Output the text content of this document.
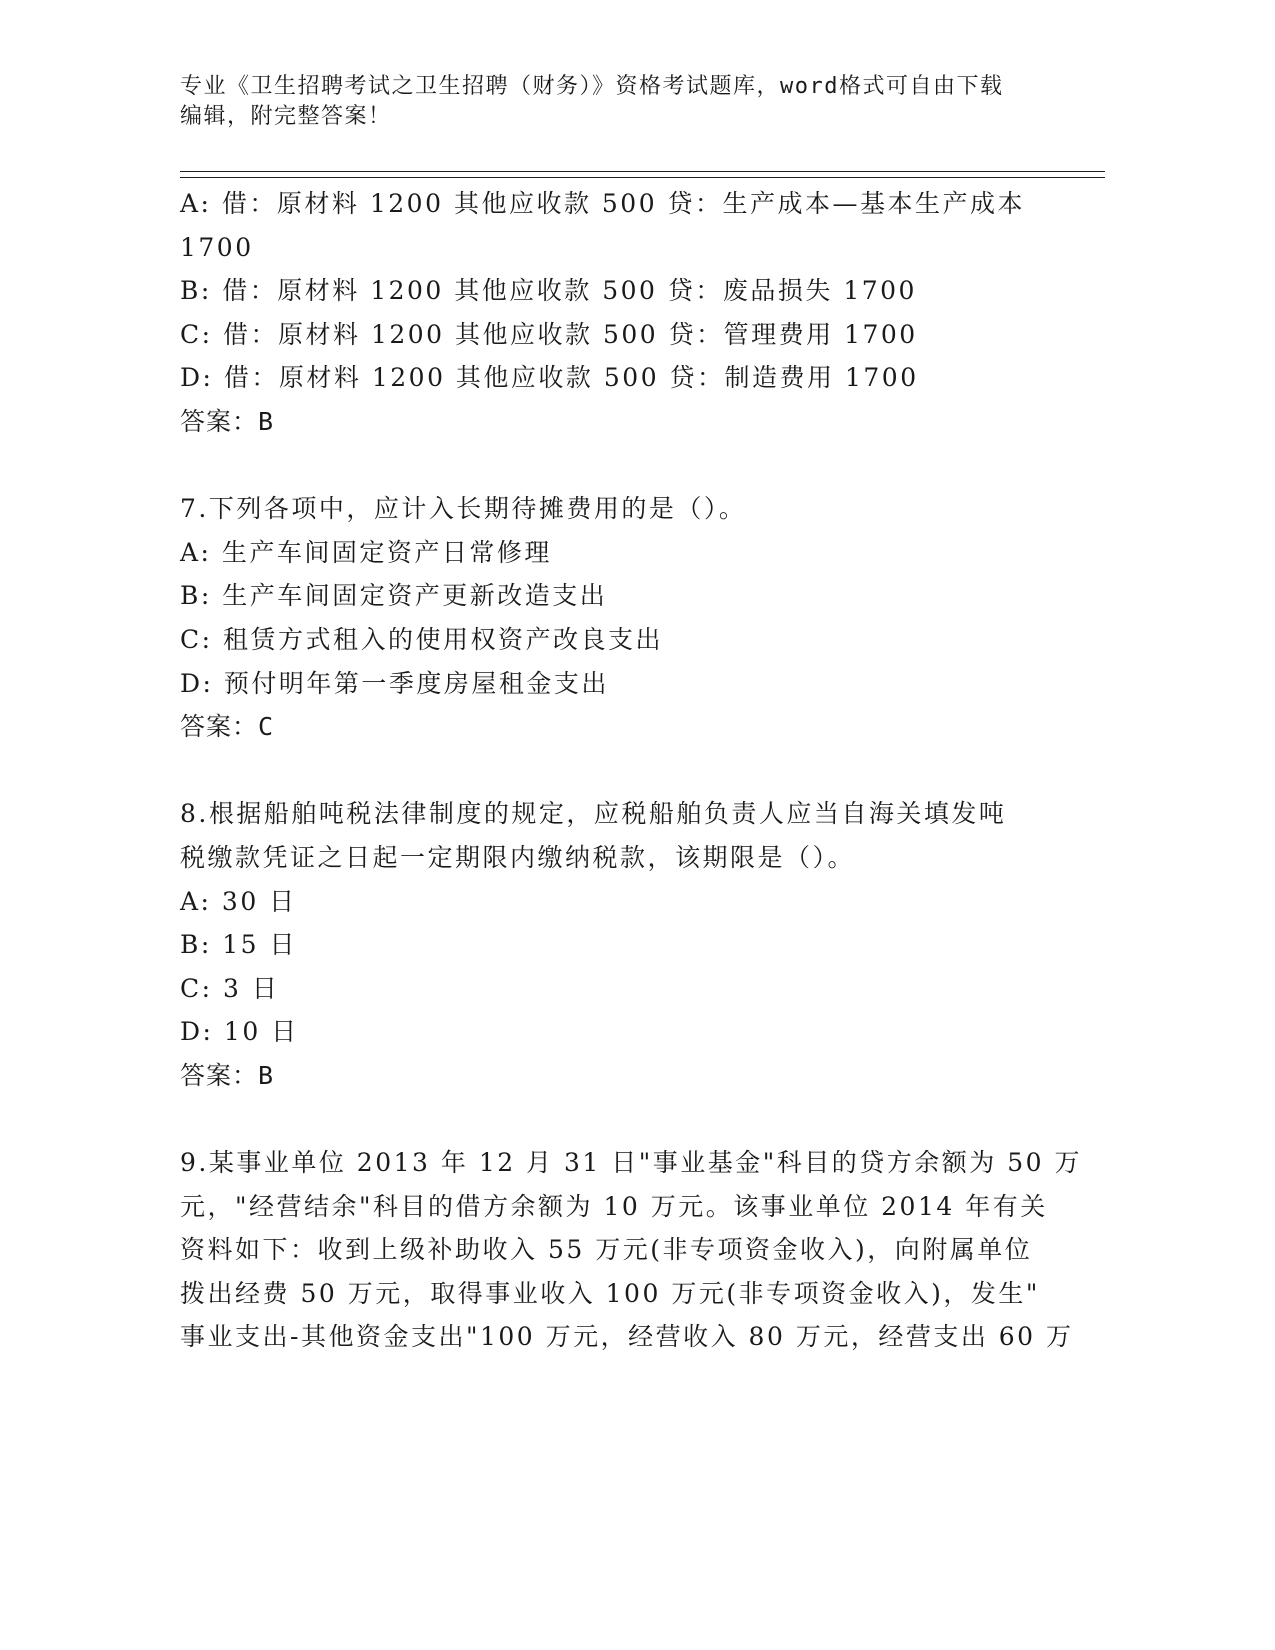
专业《卫生招聘考试之卫生招聘（财务）》资格考试题库，word格式可自由下载
编辑，附完整答案！
A: 借：原材料 1200 其他应收款 500 贷：生产成本—基本生产成本
1700
B: 借：原材料 1200 其他应收款 500 贷：废品损失 1700
C: 借：原材料 1200 其他应收款 500 贷：管理费用 1700
D: 借：原材料 1200 其他应收款 500 贷：制造费用 1700
答案：B
7.下列各项中，应计入长期待摊费用的是（）。
A: 生产车间固定资产日常修理
B: 生产车间固定资产更新改造支出
C: 租赁方式租入的使用权资产改良支出
D: 预付明年第一季度房屋租金支出
答案：C
8.根据船舶吨税法律制度的规定，应税船舶负责人应当自海关填发吨
税缴款凭证之日起一定期限内缴纳税款，该期限是（）。
A: 30 日
B: 15 日
C: 3 日
D: 10 日
答案：B
9.某事业单位 2013 年 12 月 31 日"事业基金"科目的贷方余额为 50 万
元，"经营结余"科目的借方余额为 10 万元。该事业单位 2014 年有关
资料如下：收到上级补助收入 55 万元(非专项资金收入)，向附属单位
拨出经费 50 万元，取得事业收入 100 万元(非专项资金收入)，发生"
事业支出-其他资金支出"100 万元，经营收入 80 万元，经营支出 60 万
